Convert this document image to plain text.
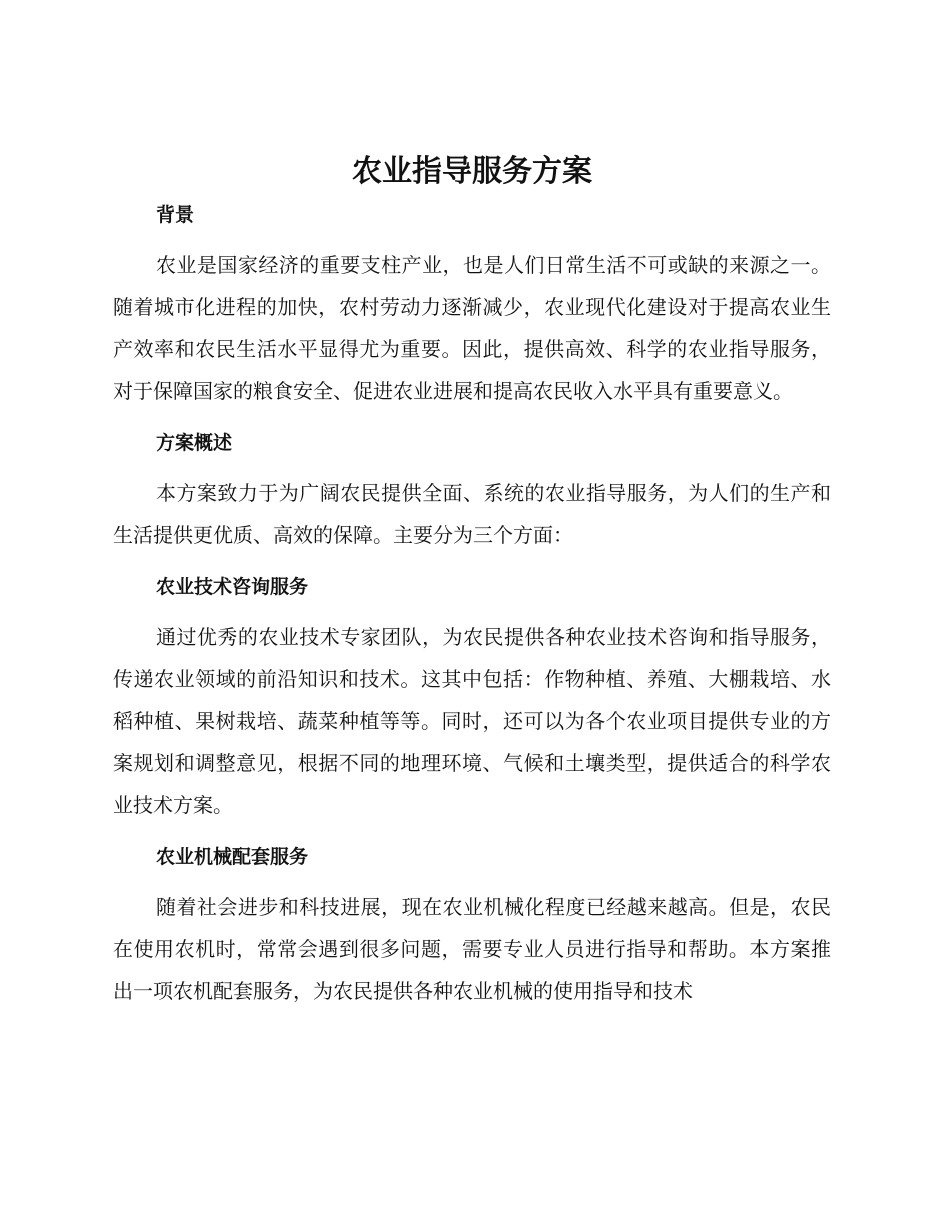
农业指导服务方案
背景

农业是国家经济的重要支柱产业，也是人们日常生活不可或缺的来源之一。随着城市化进程的加快，农村劳动力逐渐减少，农业现代化建设对于提高农业生产效率和农民生活水平显得尤为重要。因此，提供高效、科学的农业指导服务，对于保障国家的粮食安全、促进农业进展和提高农民收入水平具有重要意义。

方案概述

本方案致力于为广阔农民提供全面、系统的农业指导服务，为人们的生产和生活提供更优质、高效的保障。主要分为三个方面：

农业技术咨询服务

通过优秀的农业技术专家团队，为农民提供各种农业技术咨询和指导服务，传递农业领域的前沿知识和技术。这其中包括：作物种植、养殖、大棚栽培、水稻种植、果树栽培、蔬菜种植等等。同时，还可以为各个农业项目提供专业的方案规划和调整意见，根据不同的地理环境、气候和土壤类型，提供适合的科学农业技术方案。

农业机械配套服务

随着社会进步和科技进展，现在农业机械化程度已经越来越高。但是，农民在使用农机时，常常会遇到很多问题，需要专业人员进行指导和帮助。本方案推出一项农机配套服务，为农民提供各种农业机械的使用指导和技术
